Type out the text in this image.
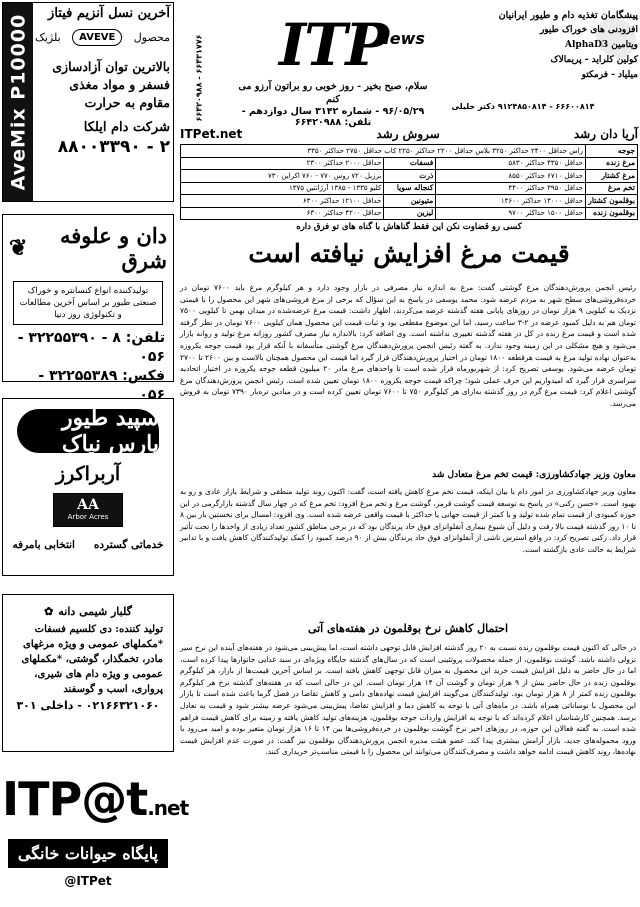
AveMix P10000
آخرین نسل آنزیم فیتاز
محصول
AVEVE
بلژیک
بالاترین توان آزادسازی فسفر و مواد مغذی مقاوم به حرارت
شرکت دام ایلکا
۸۸۰۰۳۳۹۰ - ۲
دان و علوفه شرق
❦
تولیدکننده انواع کنسانتره و خوراک صنعتی طیور بر اساس آخرین مطالعات و تکنولوژی روز دنیا
تلفن: ۸ - ۳۲۲۵۵۳۹۰ - ۰۵۶
فکس: ۳۲۲۵۵۳۸۹ - ۰۵۶
سپید طیور پارس نیاک
آربراکرز
AA
Arbor Acres
خدماتی گسترده
انتخابی بامرفه
گلبار شیمی دانه
✿
تولید کننده: دی کلسیم فسفات *مکملهای عمومی و ویژه مرغهای مادر، تخمگذار، گوشتی، *مکملهای عمومی و ویژه دام های شیری، پرواری، اسب و گوسفند
۰۲۱۶۶۳۲۱۰۶۰ - داخلی ۳۰۱
ITP@t.net
پایگاه حیوانات خانگی
@ITPet
پیشگامان تغذیه دام و طیور ایرانیان
افزودنی های خوراک طیور
ویتامین AlphaD3
کولین کلراید - پریمالاک
میلیاد - فرمکتو
۶۶۴۲۰۹۸۸ - ۶۶۴۳۱۷۷۶	ITP
News
سلام، صبح بخیر - روز خوبی رو براتون آرزو می کنم
۹۶/۰۵/۲۹ - شماره ۳۱۴۲ سال دوازدهم - تلفن: ۶۶۴۲۰۹۸۸
۶۶۶۰۰۸۱۴ - ۹۱۲۴۸۵۰۸۱۴ دکتر خلیلی
آریا دان رشد
سروش رشد
ITPet.net
جوجه	راس حداقل ۲۴۰۰ حداکثر ۳۲۵۰ بلاس حداقل ۲۲۰۰ حداکثر ۲۲۵۰ کاب حداقل ۲۷۵۰ حداکثر ۳۳۵۰		
مرغ زنده	حداقل ۴۳۵۰ حداکثر ۵۸۳۰	فسفات	حداقل ۲۰۰۰ حداکثر ۲۳۰۰
مرغ کشتار	حداقل ۶۷۱۰ حداکثر ۸۵۵۰	ذرت	برزیل ۷۲۰ روس ۷۷۰ - ۷۶۰ اکراین ۷۳۰
تخم مرغ	حداقل ۳۹۵۰ حداکثر ۴۴۰۰	کنجاله سویا	کلیو ۱۳۳۵ - ۱۳۸۵ آرژانتین ۱۳۷۵
بوقلمون کشتار	حداقل ۱۴۰۰۰ حداکثر ۱۴۶۰۰	متیونین	حداقل ۱۲۱۰۰ حداکثر ۶۳۰۰
بوقلمون زنده	حداقل ۱۵۰۰ حداکثر ۹۷۰۰	لیزین	حداقل ۴۲۰۰ حداکثر ۶۳۰۰
کسی رو قضاوت نکن این فقط گناهاش با گناه های تو فرق داره
قیمت مرغ افزایش نیافته است
رئیس انجمن پرورش‌دهندگان مرغ گوشتی گفت: مرغ به اندازه نیاز مصرفی در بازار وجود دارد و هر کیلوگرم مرغ باید ۷۶۰۰ تومان در خرده‌فروشی‌های سطح شهر به مردم عرضه شود. محمد یوسفی در پاسخ به این سؤال که برخی از مرغ فروشی‌های شهر این محصول را با قیمتی نزدیک به کیلویی ۹ هزار تومان در روزهای پایانی هفته گذشته عرضه می‌کردند، اظهار داشت: قیمت مرغ عرضه‌شده در میدان بهمن تا کیلویی ۷۵۰۰ تومان هم به دلیل کمبود عرضه در ۲-۳ ساعت رسید، اما این موضوع مقطعی بود و ثبات قیمت این محصول همان کیلویی ۷۶۰۰ تومان در نظر گرفته شده است و قیمت مرغ زنده در کل در هفته گذشته تغییری نداشته است. وی اضافه کرد: بالاندازه نیاز مصرف کشور روزانه مرغ تولید و روانه بازار می‌شود و هیچ مشکلی در این زمینه وجود ندارد. به گفته رئیس انجمن پرورش‌دهندگان مرغ گوشتی متأسفانه با آنکه قرار بود قیمت جوجه یکروزه به‌عنوان نهاده تولید مرغ به قیمت هرقطعه ۱۸۰۰ تومان در اختیار پرورش‌دهندگان قرار گیرد اما قیمت این محصول همچنان بالاست و بین ۲۶۰۰ تا ۲۷۰۰ تومان عرضه می‌شود. یوسفی تصریح کرد: از شهریورماه قرار شده است تا واحدهای مرغ مادر ۲۰ میلیون قطعه جوجه یکروزه در اختیار اتحادیه سراسری قرار گیرد که امیدواریم این حرف عملی شود؛ چراکه قیمت جوجه یکروزه ۱۸۰۰ تومان تعیین شده است. رئیس انجمن پرورش‌دهندگان مرغ گوشتی اعلام کرد: قیمت مرغ گرم در روز گذشته به‌ازای هر کیلوگرم ۷۵۰ تا ۷۶۰۰ تومان تعیین کرده است و در میادین تره‌بار ۷۳۹۰ تومان به فروش می‌رسد.
معاون وزیر جهادکشاورزی: قیمت تخم مرغ متعادل شد
معاون وزیر جهادکشاورزی در امور دام با بیان اینکه، قیمت تخم مرغ کاهش یافته است، گفت: اکنون روند تولید منطقی و شرایط بازار عادی و رو به بهبود است. «حسن رکنی» در پاسخ به توسعه قیمت گوشت قرمز، گوشت مرغ و تخم مرغ افزود: تخم مرغ که در چهار سال گذشته بازارگرمی در این حوزه کمبودی از قیمت تمام شده تولید و با کمتر از قیمت جهانی یا حداکثر با قیمت واقعی عرضه شده است. وی افزود: امسال برای نخستین بار بین ۸ تا ۱۰ روز گذشته قیمت بالا رفت و دلیل آن شیوع بیماری آنفلوانزای فوق حاد پرندگان بود که در برخی مناطق کشور تعداد زیادی از واحدها را تحت تأثیر قرار داد. رکنی تصریح کرد: در واقع استرس ناشی از آنفلوانزای فوق حاد پرندگان بیش از ۹۰ درصد کمبود را کمک تولیدکنندگان کاهش یافت و با تدابیر شرایط به حالت عادی بازگشته است.
احتمال کاهش نرخ بوقلمون در هفته‌های آتی
در حالی که اکنون قیمت بوقلمون زنده نسبت به ۲۰ روز گذشته افزایش قابل توجهی داشته است، اما پیش‌بینی می‌شود در هفته‌های آینده این نرخ سیر نزولی داشته باشد. گوشت بوقلمون، از جمله محصولات پروتئینی است که در سال‌های گذشته جایگاه ویژه‌ای در سبد غذایی خانوارها پیدا کرده است، اما در حال حاضر به دلیل افزایش قیمت خرید این محصول به میزان قابل توجهی کاهش یافته است. بر اساس آخرین قیمت‌ها از بازار، هر کیلوگرم بوقلمون زنده در حال حاضر بیش از ۹ هزار تومان و گوشت آن ۱۴ هزار تومان است. این در حالی است که در هفته‌های گذشته نرخ هر کیلوگرم بوقلمون زنده کمتر از ۸ هزار تومان بود. تولیدکنندگان می‌گویند افزایش قیمت نهاده‌های دامی و کاهش تقاضا در فصل گرما باعث شده است تا بازار این محصول با نوساناتی همراه باشد. در ماه‌های آتی با توجه به کاهش دما و افزایش تقاضا، پیش‌بینی می‌شود عرضه بیشتر شود و قیمت به تعادل برسد. همچنین کارشناسان اعلام کرده‌اند که با توجه به افزایش واردات جوجه بوقلمون، هزینه‌های تولید کاهش یافته و زمینه برای کاهش قیمت فراهم شده است. به گفته فعالان این حوزه، در روزهای اخیر نرخ گوشت بوقلمون در خرده‌فروشی‌ها بین ۱۴ تا ۱۶ هزار تومان متغیر بوده و امید می‌رود با ورود محموله‌های جدید، بازار آرامش بیشتری پیدا کند. عضو هیئت مدیره انجمن پرورش‌دهندگان بوقلمون نیز گفت: در صورت عدم افزایش قیمت نهاده‌ها، روند کاهش قیمت ادامه خواهد داشت و مصرف‌کنندگان می‌توانند این محصول را با قیمتی مناسب‌تر خریداری کنند.
